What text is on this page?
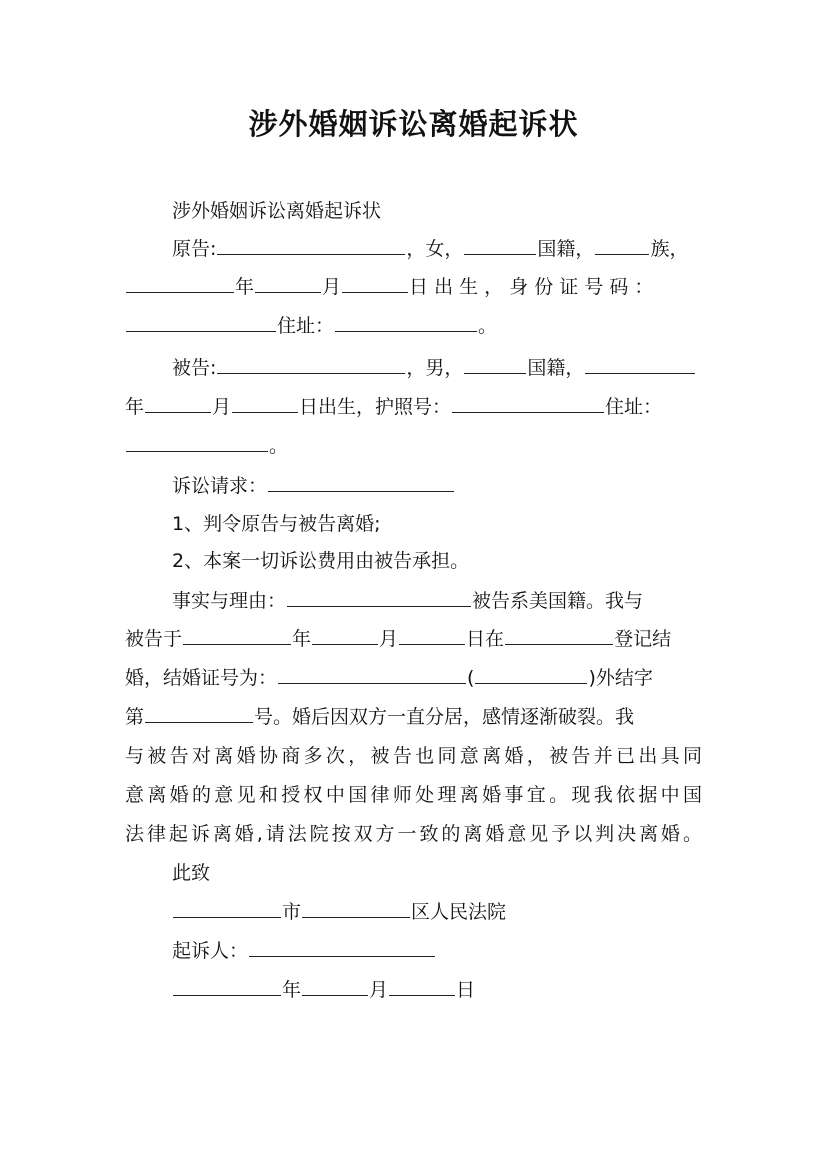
涉外婚姻诉讼离婚起诉状
涉外婚姻诉讼离婚起诉状
原告:	，女，	国籍，	族，
年	月	日 出 生 ， 身 份 证 号 码 ：
住址：	。
被告:	，男，	国籍，
年	月	日出生，护照号：	住址：
。
诉讼请求：
1、判令原告与被告离婚;
2、本案一切诉讼费用由被告承担。
事实与理由：	被告系美国籍。我与
被告于	年	月	日在	登记结
婚，结婚证号为：	(	)外结字
第	号。婚后因双方一直分居，感情逐渐破裂。我
与被告对离婚协商多次，被告也同意离婚，被告并已出具同
意离婚的意见和授权中国律师处理离婚事宜。现我依据中国
法律起诉离婚,请法院按双方一致的离婚意见予以判决离婚。
此致
市	区人民法院
起诉人：
年	月	日
